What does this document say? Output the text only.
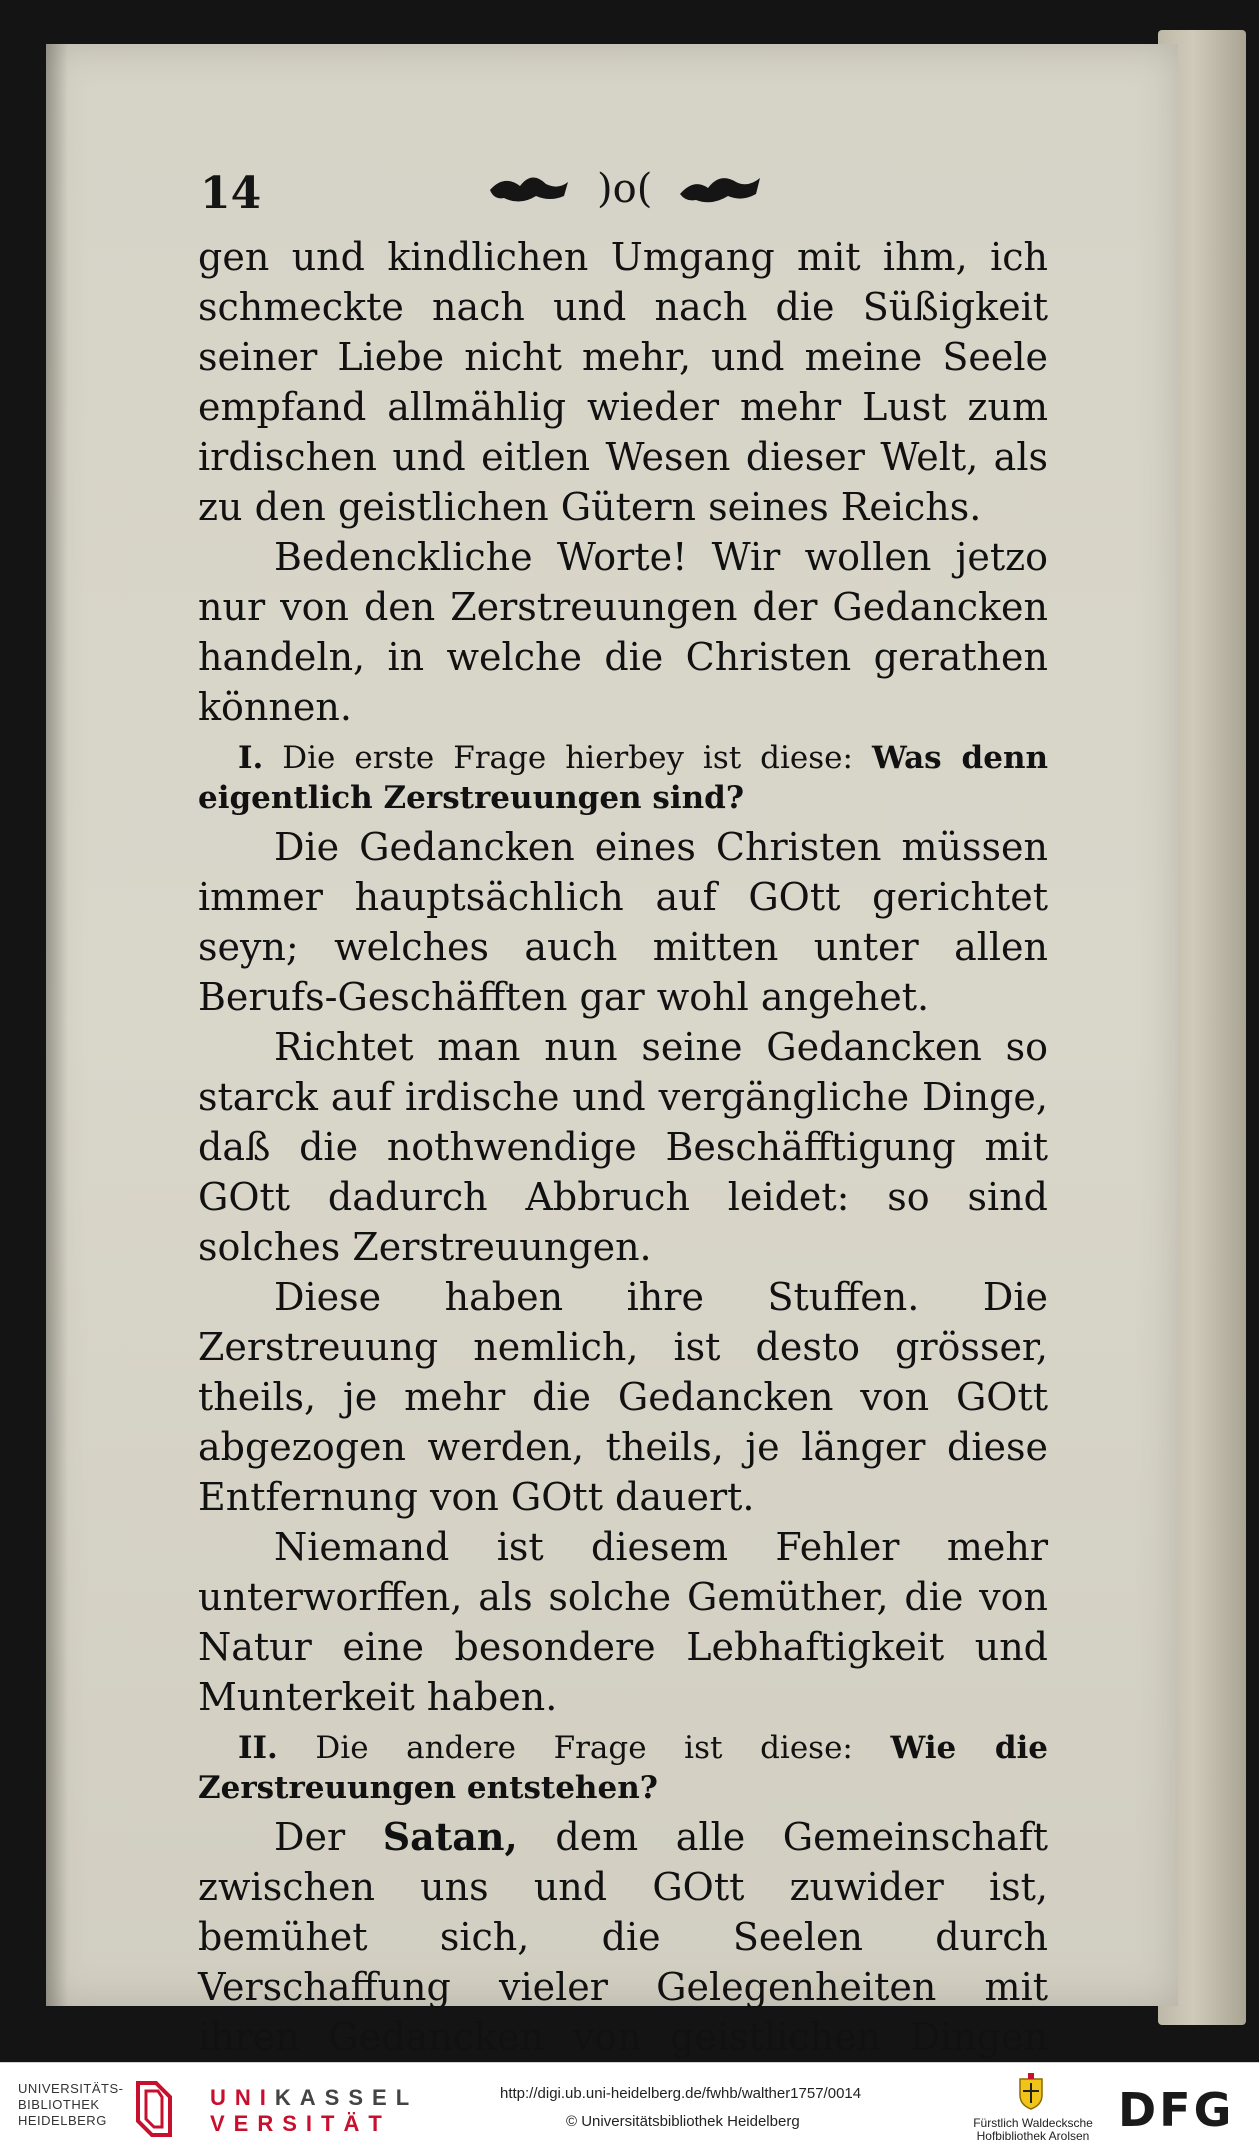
14	)o(

gen und kindlichen Umgang mit ihm, ich schmeckte nach und nach die Süßigkeit seiner Liebe nicht mehr, und meine Seele empfand allmählig wieder mehr Lust zum irdischen und eitlen Wesen dieser Welt, als zu den geistlichen Gütern seines Reichs.

Bedenckliche Worte! Wir wollen jetzo nur von den Zerstreuungen der Gedancken handeln, in welche die Christen gerathen können.

I. Die erste Frage hierbey ist diese: Was denn eigentlich Zerstreuungen sind?

Die Gedancken eines Christen müssen immer hauptsächlich auf GOtt gerichtet seyn; welches auch mitten unter allen Berufs-Geschäfften gar wohl angehet.

Richtet man nun seine Gedancken so starck auf irdische und vergängliche Dinge, daß die nothwendige Beschäfftigung mit GOtt dadurch Abbruch leidet: so sind solches Zerstreuungen.

Diese haben ihre Stuffen. Die Zerstreuung nemlich, ist desto grösser, theils, je mehr die Gedancken von GOtt abgezogen werden, theils, je länger diese Entfernung von GOtt dauert.

Niemand ist diesem Fehler mehr unterworffen, als solche Gemüther, die von Natur eine besondere Lebhaftigkeit und Munterkeit haben.

II. Die andere Frage ist diese: Wie die Zerstreuungen entstehen?

Der Satan, dem alle Gemeinschaft zwischen uns und GOtt zuwider ist, bemühet sich, die Seelen durch Verschaffung vieler Gelegenheiten mit ihren Gedancken von geistlichen Dingen

UNIVERSITÄTS-
BIBLIOTHEK
HEIDELBERG
UNIKASSEL
VERSITÄT
http://digi.ub.uni-heidelberg.de/fwhb/walther1757/0014
© Universitätsbibliothek Heidelberg	Fürstlich Waldecksche
Hofbibliothek Arolsen DFG
